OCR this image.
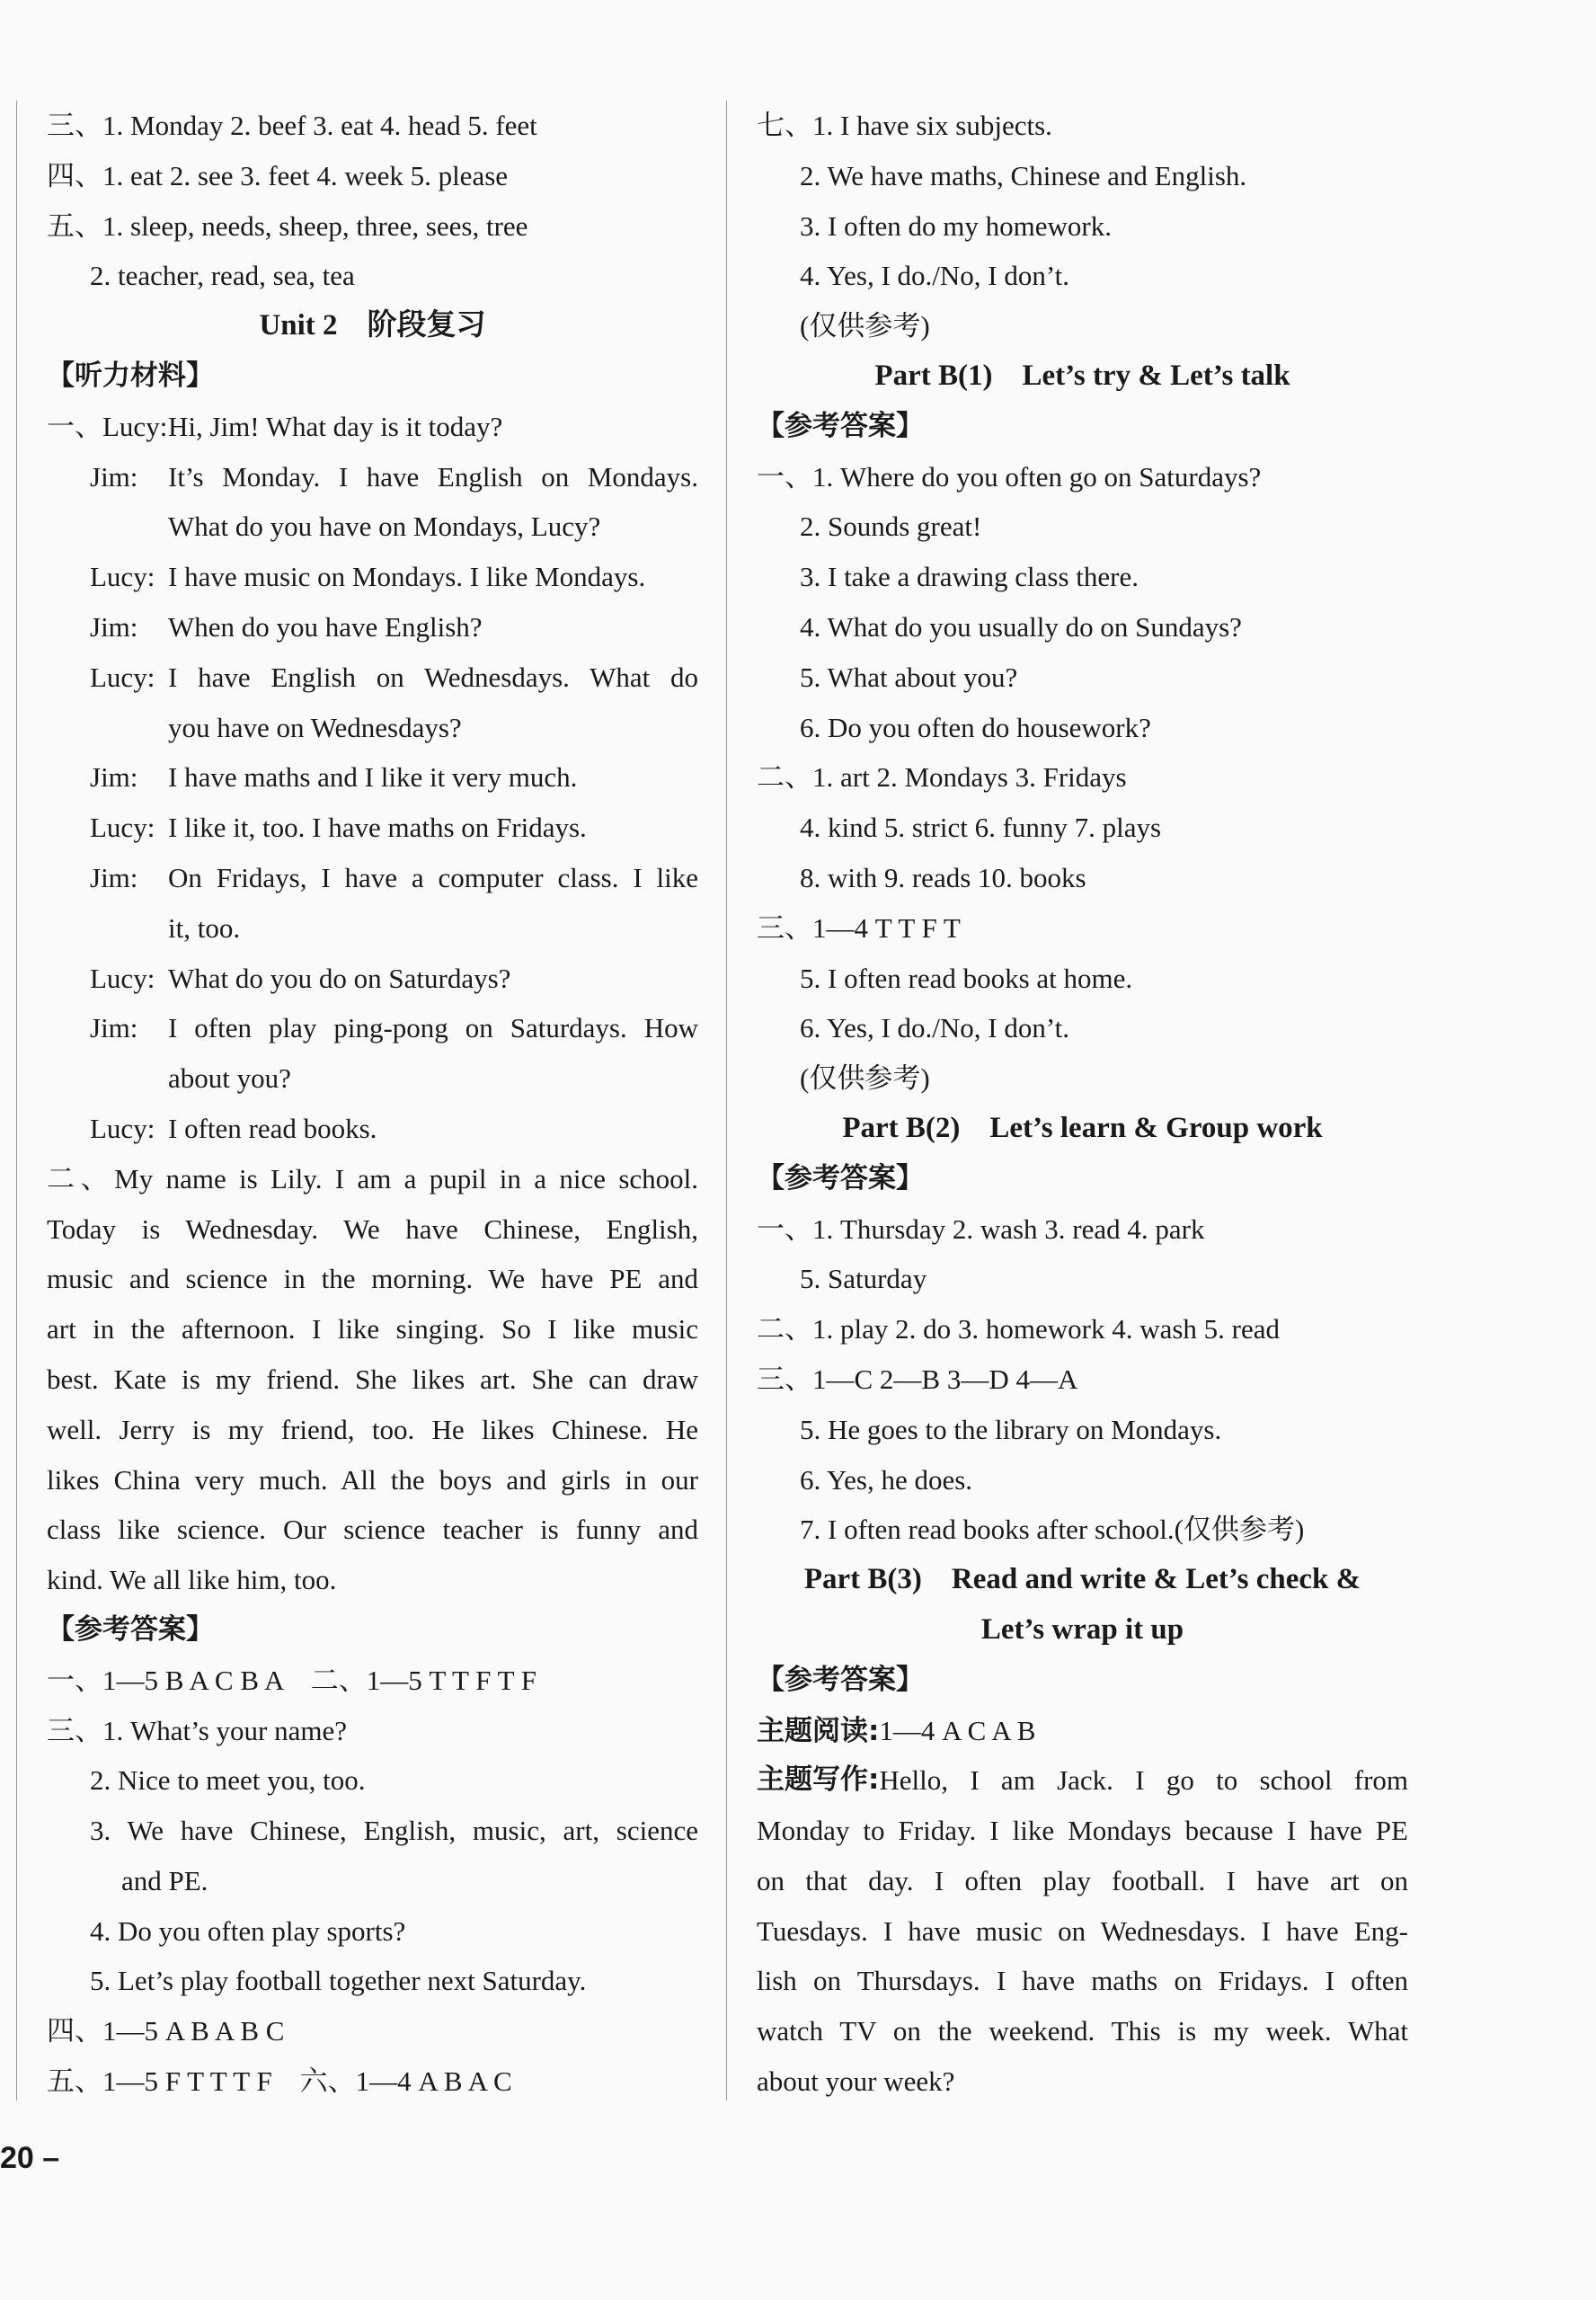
三、1. Monday 2. beef 3. eat 4. head 5. feet
四、1. eat 2. see 3. feet 4. week 5. please
五、1. sleep, needs, sheep, three, sees, tree
2. teacher, read, sea, tea
Unit 2　阶段复习
【听力材料】
一、Lucy: Hi, Jim! What day is it today?
Jim:	It’s Monday. I have English on Mondays.
What do you have on Mondays, Lucy?
Lucy: I have music on Mondays. I like Mondays.
Jim:	When do you have English?
Lucy: I have English on Wednesdays. What do
you have on Wednesdays?
Jim:	I have maths and I like it very much.
Lucy: I like it, too. I have maths on Fridays.
Jim:	On Fridays, I have a computer class. I like
it, too.
Lucy: What do you do on Saturdays?
Jim:	I often play ping-pong on Saturdays. How
about you?
Lucy: I often read books.
二、My name is Lily. I am a pupil in a nice school.
Today is Wednesday. We have Chinese, English,
music and science in the morning. We have PE and
art in the afternoon. I like singing. So I like music
best. Kate is my friend. She likes art. She can draw
well. Jerry is my friend, too. He likes Chinese. He
likes China very much. All the boys and girls in our
class like science. Our science teacher is funny and
kind. We all like him, too.
【参考答案】
一、1—5 B A C B A　二、1—5 T T F T F
三、1. What’s your name?
2. Nice to meet you, too.
3. We have Chinese, English, music, art, science
and PE.
4. Do you often play sports?
5. Let’s play football together next Saturday.
四、1—5 A B A B C
五、1—5 F T T T F　六、1—4 A B A C
七、1. I have six subjects.
2. We have maths, Chinese and English.
3. I often do my homework.
4. Yes, I do./No, I don’t.
(仅供参考)
Part B(1)　Let’s try & Let’s talk
【参考答案】
一、1. Where do you often go on Saturdays?
2. Sounds great!
3. I take a drawing class there.
4. What do you usually do on Sundays?
5. What about you?
6. Do you often do housework?
二、1. art 2. Mondays 3. Fridays
4. kind 5. strict 6. funny 7. plays
8. with 9. reads 10. books
三、1—4 T T F T
5. I often read books at home.
6. Yes, I do./No, I don’t.
(仅供参考)
Part B(2)　Let’s learn & Group work
【参考答案】
一、1. Thursday 2. wash 3. read 4. park
5. Saturday
二、1. play 2. do 3. homework 4. wash 5. read
三、1—C 2—B 3—D 4—A
5. He goes to the library on Mondays.
6. Yes, he does.
7. I often read books after school.(仅供参考)
Part B(3)　Read and write & Let’s check &
Let’s wrap it up
【参考答案】
主题阅读:1—4 A C A B
主题写作: Hello, I am Jack. I go to school from
Monday to Friday. I like Mondays because I have PE
on that day. I often play football. I have art on
Tuesdays. I have music on Wednesdays. I have Eng-
lish on Thursdays. I have maths on Fridays. I often
watch TV on the weekend. This is my week. What
about your week?
20 –
